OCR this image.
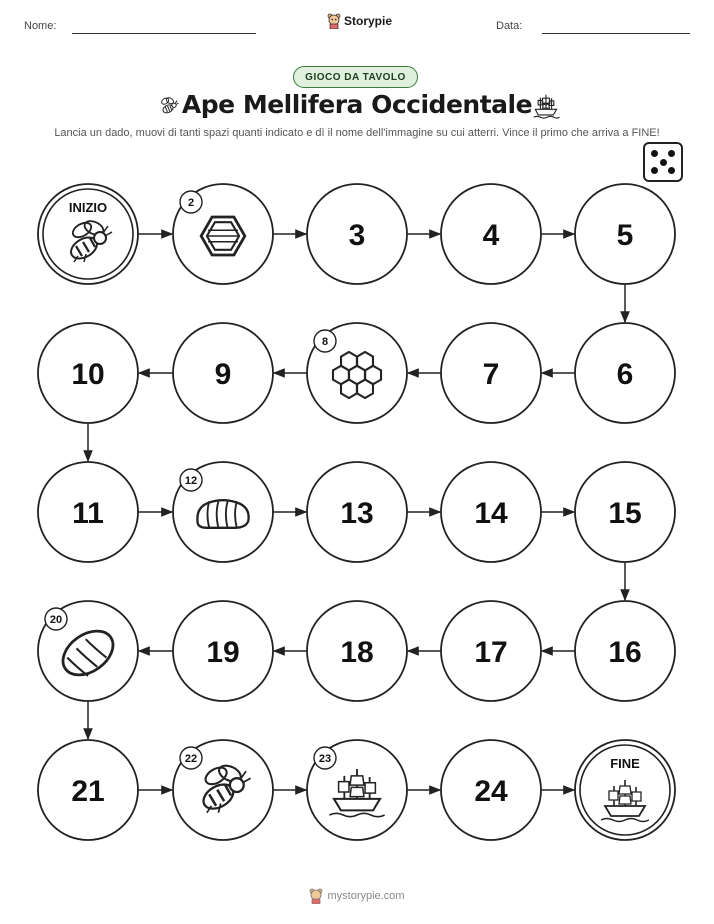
Nome:	Storypie	Data:
GIOCO DA TAVOLO
Ape Mellifera Occidentale
Lancia un dado, muovi di tanti spazi quanti indicato e dì il nome dell'immagine su cui atterri. Vince il primo che arriva a FINE!
INIZIO	2
3	4	5
6
7
8
9
10
11
12
13	14	15
16
17
18
19
20
21
22	23
24
FINE
mystorypie.com
